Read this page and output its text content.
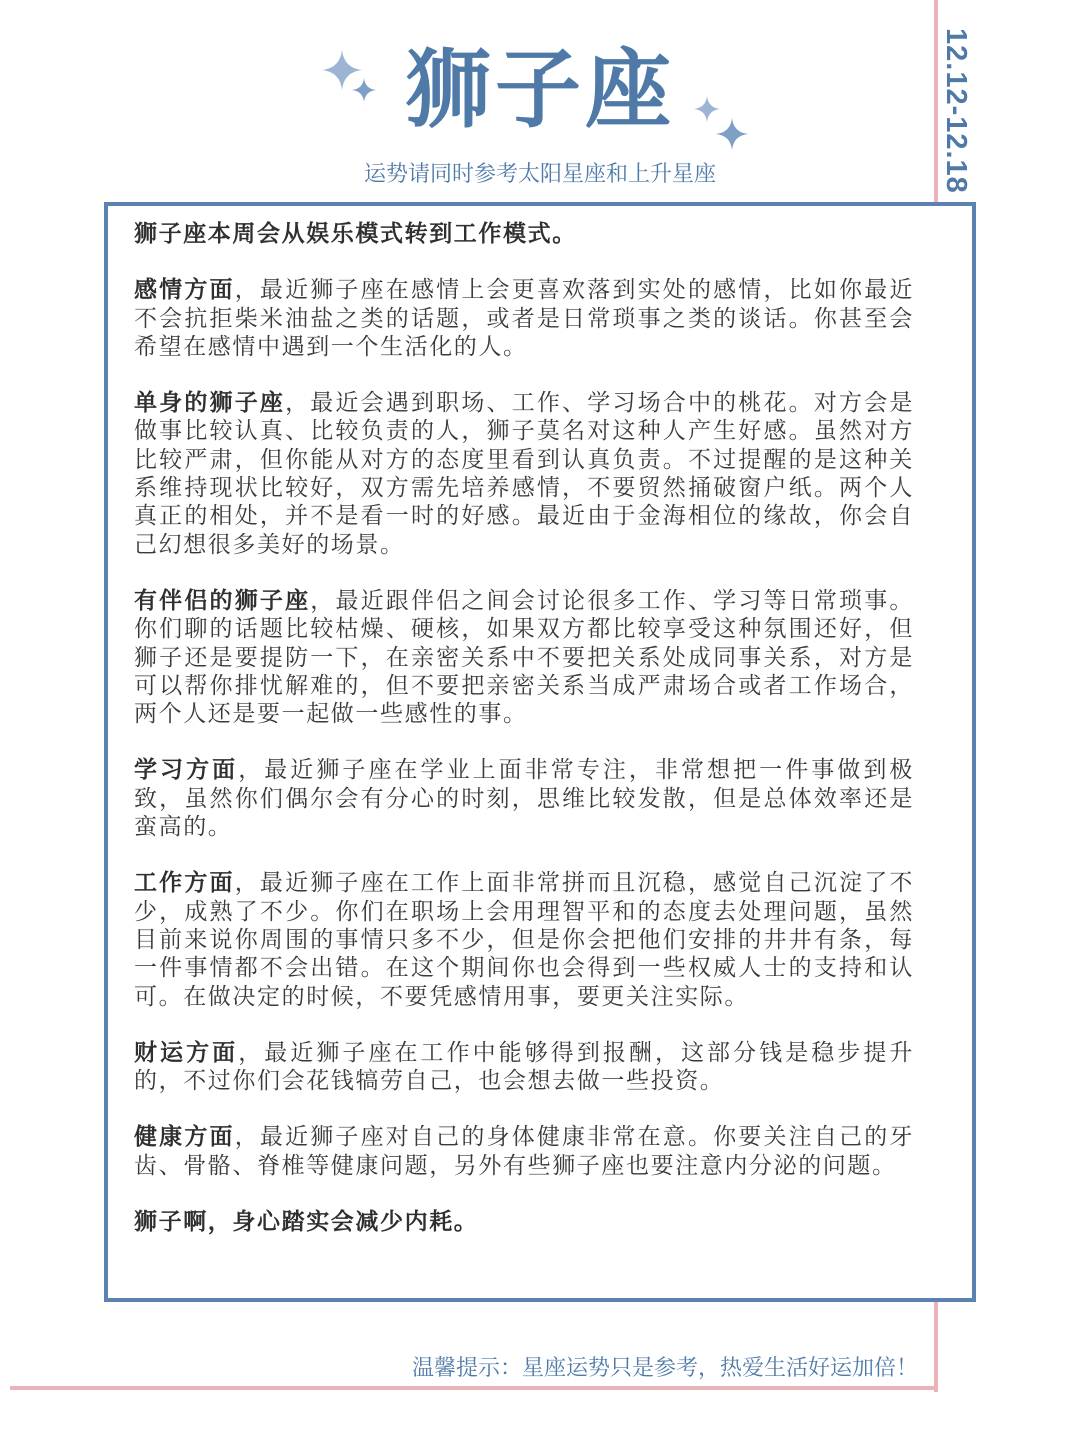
12.12-12.18
狮子座
运势请同时参考太阳星座和上升星座

狮子座本周会从娱乐模式转到工作模式。

感情方面，最近狮子座在感情上会更喜欢落到实处的感情，比如你最近不会抗拒柴米油盐之类的话题，或者是日常琐事之类的谈话。你甚至会希望在感情中遇到一个生活化的人。

单身的狮子座，最近会遇到职场、工作、学习场合中的桃花。对方会是做事比较认真、比较负责的人，狮子莫名对这种人产生好感。虽然对方比较严肃，但你能从对方的态度里看到认真负责。不过提醒的是这种关系维持现状比较好，双方需先培养感情，不要贸然捅破窗户纸。两个人真正的相处，并不是看一时的好感。最近由于金海相位的缘故，你会自己幻想很多美好的场景。

有伴侣的狮子座，最近跟伴侣之间会讨论很多工作、学习等日常琐事。你们聊的话题比较枯燥、硬核，如果双方都比较享受这种氛围还好，但狮子还是要提防一下，在亲密关系中不要把关系处成同事关系，对方是可以帮你排忧解难的，但不要把亲密关系当成严肃场合或者工作场合，两个人还是要一起做一些感性的事。

学习方面，最近狮子座在学业上面非常专注，非常想把一件事做到极致，虽然你们偶尔会有分心的时刻，思维比较发散，但是总体效率还是蛮高的。

工作方面，最近狮子座在工作上面非常拼而且沉稳，感觉自己沉淀了不少，成熟了不少。你们在职场上会用理智平和的态度去处理问题，虽然目前来说你周围的事情只多不少，但是你会把他们安排的井井有条，每一件事情都不会出错。在这个期间你也会得到一些权威人士的支持和认可。在做决定的时候，不要凭感情用事，要更关注实际。

财运方面，最近狮子座在工作中能够得到报酬，这部分钱是稳步提升的，不过你们会花钱犒劳自己，也会想去做一些投资。

健康方面，最近狮子座对自己的身体健康非常在意。你要关注自己的牙齿、骨骼、脊椎等健康问题，另外有些狮子座也要注意内分泌的问题。

狮子啊，身心踏实会减少内耗。

温馨提示：星座运势只是参考，热爱生活好运加倍！
